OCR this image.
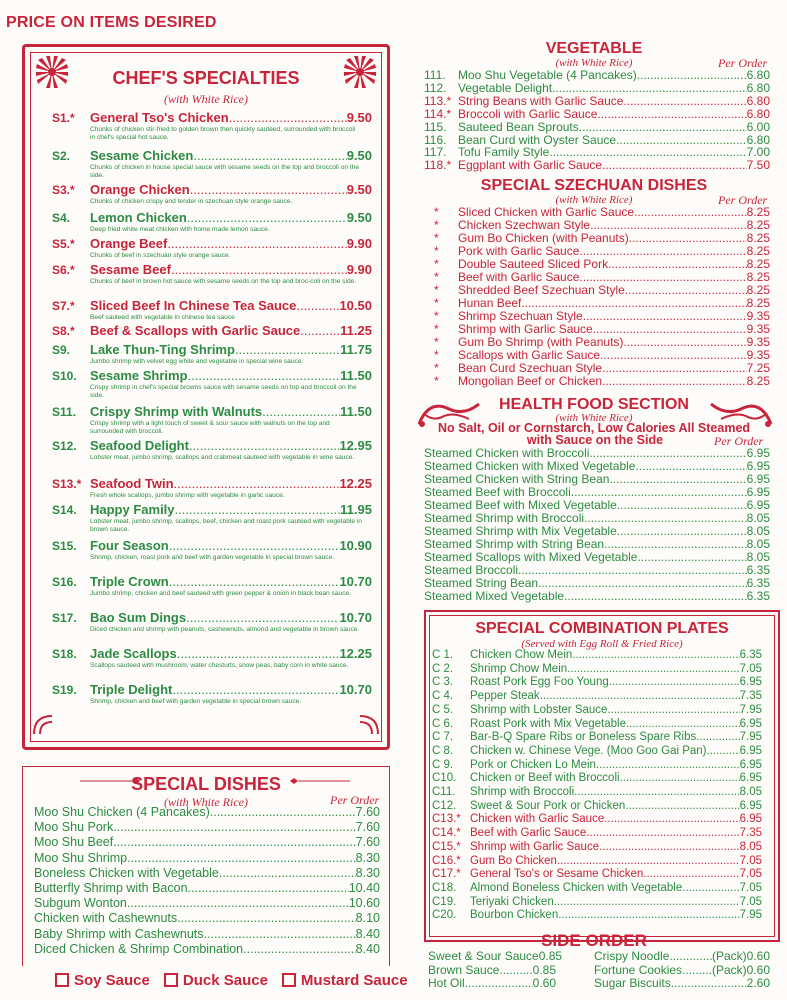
PRICE ON ITEMS DESIRED
CHEF'S SPECIALTIES
(with White Rice)
S1.*	General Tso's Chicken .....	9.50
Chunks of chicken stir-fried to golden brown then quickly sauteed, surrounded with broccoli in chef's special hot sauce.
S2.	Sesame Chicken .....	9.50
Chunks of chicken in house special sauce with sesame seeds on the top and broccoli on the side.
S3.*	Orange Chicken .....	9.50
Chunks of chicken crispy and tender in szechuan style orange sauce.
S4.	Lemon Chicken .....	9.50
Deep fried white meat chicken with home made lemon sauce.
S5.*	Orange Beef .....	9.90
Chunks of beef in szechuan style orange sauce.
S6.*	Sesame Beef .....	9.90
Chunks of beef in brown hot sauce with sesame seeds on the top and broc-coli on the side.
S7.*	Sliced Beef In Chinese Tea Sauce .....	10.50
Beef sauteed with vegetable in chinese tea sauce
S8.*	Beef & Scallops with Garlic Sauce .....	11.25
S9.	Lake Thun-Ting Shrimp .....	11.75
Jumbo shrimp with velvet egg white and vegetable in special wine sauce.
S10.	Sesame Shrimp .....	11.50
Crispy shrimp in chef's special browns sauce with sesame seeds on top and broccoli on the side.
S11.	Crispy Shrimp with Walnuts .....	11.50
Crispy shrimp with a light touch of sweet & sour sauce with walnuts on the top and surrounded with broccoli.
S12.	Seafood Delight .....	12.95
Lobster meat, jumbo shrimp, scallops and crabmeat sauteed with vegetable in wine sauce.
S13.* Seafood Twin .....	12.25
Fresh whole scallops, jumbo shrimp with vegetable in garlic sauce.
S14.	Happy Family .....	11.95
Lobster meat, jumbo shrimp, scallops, beef, chicken and roast pork sauteed with vegetable in brown sauce.
S15.	Four Season .....	10.90
Shrimp, chicken, roast pork and beef with garden vegetable in special brown sauce.
S16.	Triple Crown .....	10.70
Jumbo shrimp, chicken and beef sauteed with green pepper & onion in black bean sauce.
S17.	Bao Sum Dings .....	10.70
Diced chicken and shrimp with peanuts, cashewnuts, almond and vegetable in brown sauce.
S18.	Jade Scallops .....	12.25
Scallops sauteed with mushroom, water chesturts, snow peas, baby corn in white sauce.
S19.	Triple Delight .....	10.70
Shrimp, chicken and beef with garden vegetable in special brown sauce.
SPECIAL DISHES
(with White Rice)	Per Order
Moo Shu Chicken (4 Pancakes) .....	7.60
Moo Shu Pork .....	7.60
Moo Shu Beef .....	7.60
Moo Shu Shrimp .....	8.30
Boneless Chicken with Vegetable .....	8.30
Butterfly Shrimp with Bacon .....	10.40
Subgum Wonton .....	10.60
Chicken with Cashewnuts .....	8.10
Baby Shrimp with Cashewnuts .....	8.40
Diced Chicken & Shrimp Combination .....	8.40
Soy Sauce	Duck Sauce	Mustard Sauce
VEGETABLE
(with White Rice)	Per Order
111.	Moo Shu Vegetable (4 Pancakes) .....	6.80
112. Vegetable Delight .....	6.80
113.* String Beans with Garlic Sauce .....	6.80
114.* Broccoli with Garlic Sauce .....	6.80
115. Sauteed Bean Sprouts .....	6.00
116. Bean Curd with Oyster Sauce .....	6.80
117. Tofu Family Style .....	7.00
118.* Eggplant with Garlic Sauce .....	7.50
SPECIAL SZECHUAN DISHES
(with White Rice)	Per Order
*	Sliced Chicken with Garlic Sauce .....	8.25
*	Chicken Szechwan Style .....	8.25
*	Gum Bo Chicken (with Peanuts) .....	8.25
*	Pork with Garlic Sauce .....	8.25
*	Double Sauteed Sliced Pork .....	8.25
*	Beef with Garlic Sauce .....	8.25
*	Shredded Beef Szechuan Style .....	8.25
*	Hunan Beef .....	8.25
*	Shrimp Szechuan Style .....	9.35
*	Shrimp with Garlic Sauce .....	9.35
*	Gum Bo Shrimp (with Peanuts) .....	9.35
*	Scallops with Garlic Sauce .....	9.35
*	Bean Curd Szechuan Style .....	7.25
*	Mongolian Beef or Chicken .....	8.25
HEALTH FOOD SECTION
(with White Rice)
No Salt, Oil or Cornstarch, Low Calories All Steamed
with Sauce on the Side	Per Order
Steamed Chicken with Broccoli .....	6.95
Steamed Chicken with Mixed Vegetable .....	6.95
Steamed Chicken with String Bean .....	6.95
Steamed Beef with Broccoli .....	6.95
Steamed Beef with Mixed Vegetable .....	6.95
Steamed Shrimp with Broccoli .....	8.05
Steamed Shrimp with Mix Vegetable .....	8.05
Steamed Shrimp with String Bean .....	8.05
Steamed Scallops with Mixed Vegetable .....	8.05
Steamed Broccoli .....	6.35
Steamed String Bean .....	6.35
Steamed Mixed Vegetable .....	6.35
SPECIAL COMBINATION PLATES
(Served with Egg Roll & Fried Rice)
C 1.	Chicken Chow Mein .....	6.35
C 2.	Shrimp Chow Mein .....	7.05
C 3.	Roast Pork Egg Foo Young .....	6.95
C 4.	Pepper Steak .....	7.35
C 5.	Shrimp with Lobster Sauce .....	7.95
C 6.	Roast Pork with Mix Vegetable .....	6.95
C 7.	Bar-B-Q Spare Ribs or Boneless Spare Ribs .....	7.95
C 8.	Chicken w. Chinese Vege. (Moo Goo Gai Pan) .....	6.95
C 9.	Pork or Chicken Lo Mein .....	6.95
C10.	Chicken or Beef with Broccoli .....	6.95
C11.	Shrimp with Broccoli .....	8.05
C12.	Sweet & Sour Pork or Chicken .....	6.95
C13.* Chicken with Garlic Sauce .....	6.95
C14.* Beef with Garlic Sauce .....	7.35
C15.* Shrimp with Garlic Sauce .....	8.05
C16.* Gum Bo Chicken .....	7.05
C17.* General Tso's or Sesame Chicken .....	7.05
C18.	Almond Boneless Chicken with Vegetable .....	7.05
C19.	Teriyaki Chicken .....	7.05
C20.	Bourbon Chicken .....	7.95
SIDE ORDER
Sweet & Sour Sauce 0.85
Brown Sauce .....	0.85
Hot Oil .....	0.60
Crispy Noodle .....	(Pack) 0.60
Fortune Cookies ..... (Pack) 0.60
Sugar Biscuits .....	2.60
